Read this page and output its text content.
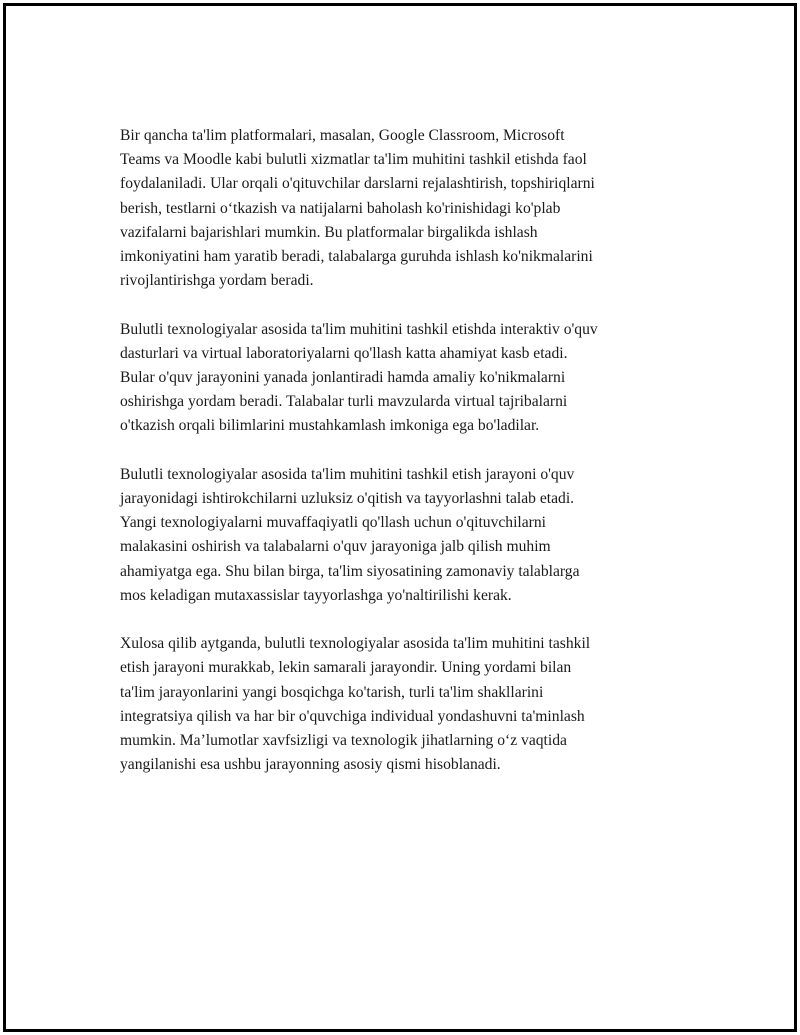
Bir qancha ta'lim platformalari, masalan, Google Classroom, Microsoft
Teams va Moodle kabi bulutli xizmatlar ta'lim muhitini tashkil etishda faol
foydalaniladi. Ular orqali o'qituvchilar darslarni rejalashtirish, topshiriqlarni
berish, testlarni o‘tkazish va natijalarni baholash ko'rinishidagi ko'plab
vazifalarni bajarishlari mumkin. Bu platformalar birgalikda ishlash
imkoniyatini ham yaratib beradi, talabalarga guruhda ishlash ko'nikmalarini
rivojlantirishga yordam beradi.

Bulutli texnologiyalar asosida ta'lim muhitini tashkil etishda interaktiv o'quv
dasturlari va virtual laboratoriyalarni qo'llash katta ahamiyat kasb etadi.
Bular o'quv jarayonini yanada jonlantiradi hamda amaliy ko'nikmalarni
oshirishga yordam beradi. Talabalar turli mavzularda virtual tajribalarni
o'tkazish orqali bilimlarini mustahkamlash imkoniga ega bo'ladilar.

Bulutli texnologiyalar asosida ta'lim muhitini tashkil etish jarayoni o'quv
jarayonidagi ishtirokchilarni uzluksiz o'qitish va tayyorlashni talab etadi.
Yangi texnologiyalarni muvaffaqiyatli qo'llash uchun o'qituvchilarni
malakasini oshirish va talabalarni o'quv jarayoniga jalb qilish muhim
ahamiyatga ega. Shu bilan birga, ta'lim siyosatining zamonaviy talablarga
mos keladigan mutaxassislar tayyorlashga yo'naltirilishi kerak.

Xulosa qilib aytganda, bulutli texnologiyalar asosida ta'lim muhitini tashkil
etish jarayoni murakkab, lekin samarali jarayondir. Uning yordami bilan
ta'lim jarayonlarini yangi bosqichga ko'tarish, turli ta'lim shakllarini
integratsiya qilish va har bir o'quvchiga individual yondashuvni ta'minlash
mumkin. Ma’lumotlar xavfsizligi va texnologik jihatlarning o‘z vaqtida
yangilanishi esa ushbu jarayonning asosiy qismi hisoblanadi.
